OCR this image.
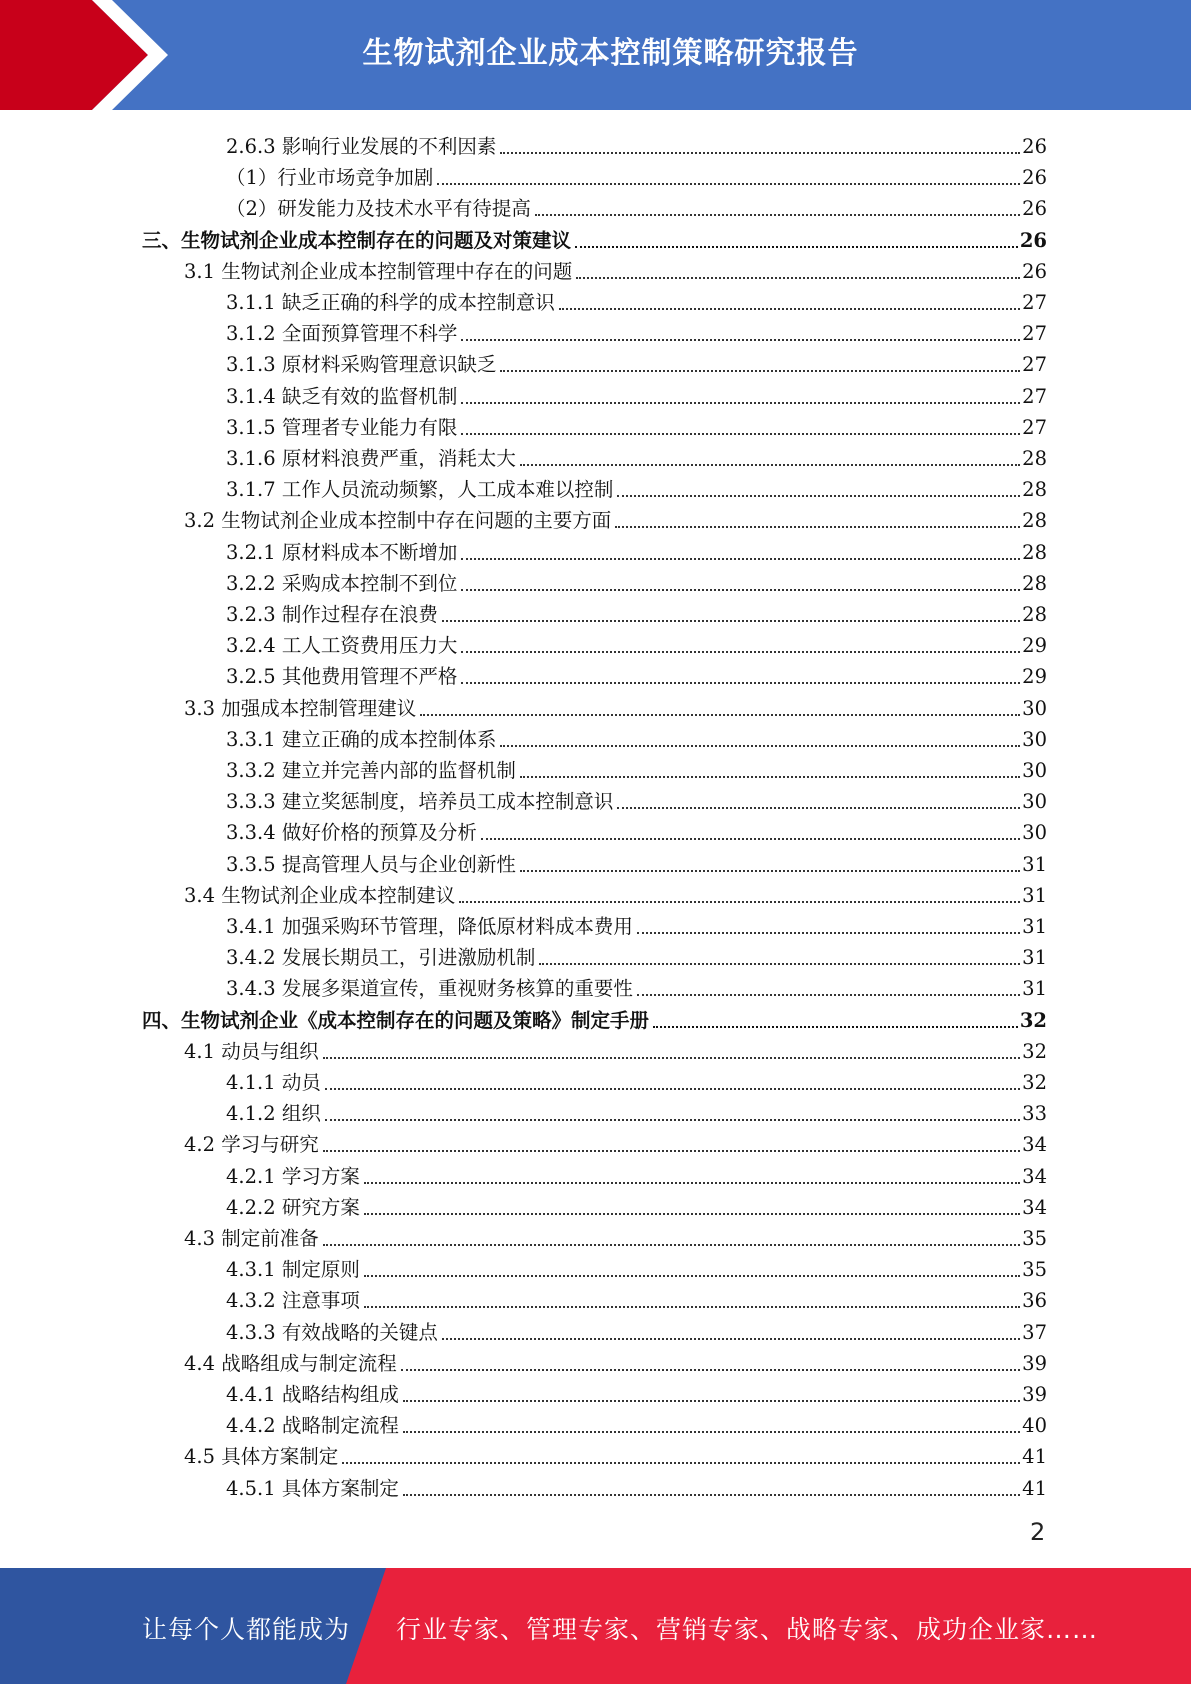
生物试剂企业成本控制策略研究报告
2.6.3 影响行业发展的不利因素	26
（1）行业市场竞争加剧	26
（2）研发能力及技术水平有待提高	26
三、生物试剂企业成本控制存在的问题及对策建议	26
3.1 生物试剂企业成本控制管理中存在的问题	26
3.1.1 缺乏正确的科学的成本控制意识	27
3.1.2 全面预算管理不科学	27
3.1.3 原材料采购管理意识缺乏	27
3.1.4 缺乏有效的监督机制	27
3.1.5 管理者专业能力有限	27
3.1.6 原材料浪费严重，消耗太大	28
3.1.7 工作人员流动频繁，人工成本难以控制	28
3.2 生物试剂企业成本控制中存在问题的主要方面	28
3.2.1 原材料成本不断增加	28
3.2.2 采购成本控制不到位	28
3.2.3 制作过程存在浪费	28
3.2.4 工人工资费用压力大	29
3.2.5 其他费用管理不严格	29
3.3 加强成本控制管理建议	30
3.3.1 建立正确的成本控制体系	30
3.3.2 建立并完善内部的监督机制	30
3.3.3 建立奖惩制度，培养员工成本控制意识	30
3.3.4 做好价格的预算及分析	30
3.3.5 提高管理人员与企业创新性	31
3.4 生物试剂企业成本控制建议	31
3.4.1 加强采购环节管理，降低原材料成本费用	31
3.4.2 发展长期员工，引进激励机制	31
3.4.3 发展多渠道宣传，重视财务核算的重要性	31
四、生物试剂企业《成本控制存在的问题及策略》制定手册	32
4.1 动员与组织	32
4.1.1 动员	32
4.1.2 组织	33
4.2 学习与研究	34
4.2.1 学习方案	34
4.2.2 研究方案	34
4.3 制定前准备	35
4.3.1 制定原则	35
4.3.2 注意事项	36
4.3.3 有效战略的关键点	37
4.4 战略组成与制定流程	39
4.4.1 战略结构组成	39
4.4.2 战略制定流程	40
4.5 具体方案制定	41
4.5.1 具体方案制定	41
2
让每个人都能成为 行业专家、管理专家、营销专家、战略专家、成功企业家……
